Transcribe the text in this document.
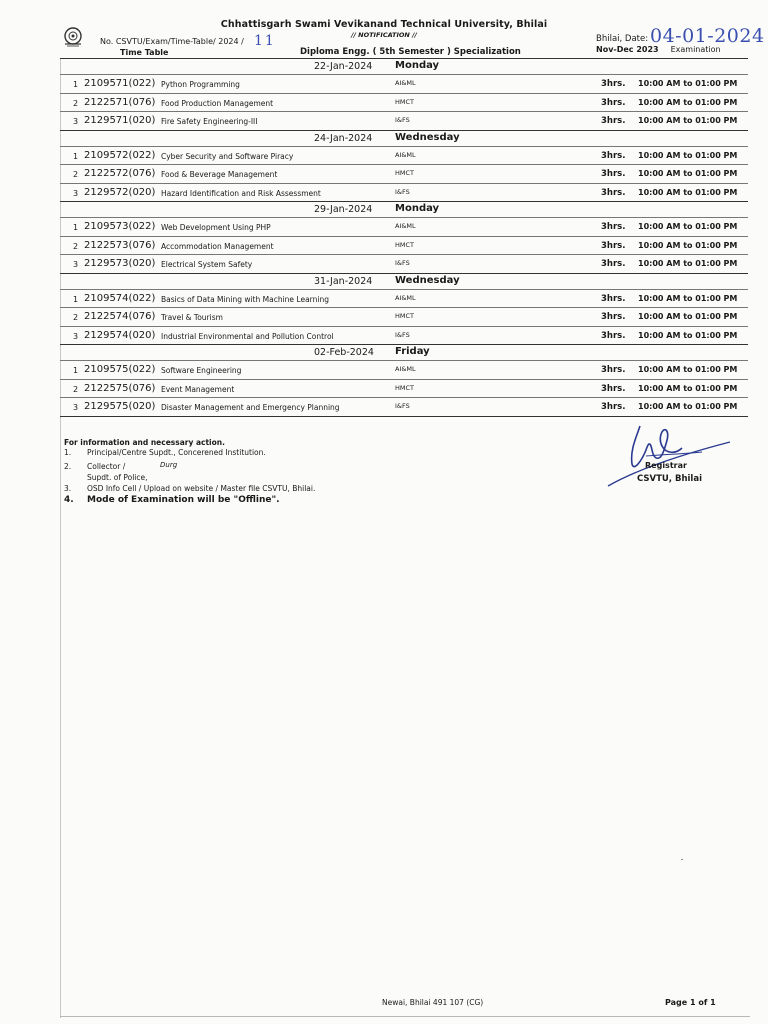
Chhattisgarh Swami Vevikanand Technical University, Bhilai
// NOTIFICATION //
No. CSVTU/Exam/Time-Table/ 2024 / 11
Time Table	Diploma Engg. ( 5th Semester ) Specialization
Bhilai, Date: 04-01-2024
Nov-Dec 2023 Examination
22-Jan-2024 Monday
1 2109571(022) Python Programming	AI&ML	3hrs. 10:00 AM to 01:00 PM
2 2122571(076) Food Production Management	HMCT	3hrs. 10:00 AM to 01:00 PM
3 2129571(020) Fire Safety Engineering-III	I&FS	3hrs. 10:00 AM to 01:00 PM
24-Jan-2024 Wednesday
1 2109572(022) Cyber Security and Software Piracy	AI&ML	3hrs. 10:00 AM to 01:00 PM
2 2122572(076) Food & Beverage Management	HMCT	3hrs. 10:00 AM to 01:00 PM
3 2129572(020) Hazard Identification and Risk Assessment	I&FS	3hrs. 10:00 AM to 01:00 PM
29-Jan-2024 Monday
1 2109573(022) Web Development Using PHP	AI&ML	3hrs. 10:00 AM to 01:00 PM
2 2122573(076) Accommodation Management	HMCT	3hrs. 10:00 AM to 01:00 PM
3 2129573(020) Electrical System Safety	I&FS	3hrs. 10:00 AM to 01:00 PM
31-Jan-2024 Wednesday
1 2109574(022) Basics of Data Mining with Machine Learning	AI&ML	3hrs. 10:00 AM to 01:00 PM
2 2122574(076) Travel & Tourism	HMCT	3hrs. 10:00 AM to 01:00 PM
3 2129574(020) Industrial Environmental and Pollution Control	I&FS	3hrs. 10:00 AM to 01:00 PM
02-Feb-2024 Friday
1 2109575(022) Software Engineering	AI&ML	3hrs. 10:00 AM to 01:00 PM
2 2122575(076) Event Management	HMCT	3hrs. 10:00 AM to 01:00 PM
3 2129575(020) Disaster Management and Emergency Planning	I&FS	3hrs. 10:00 AM to 01:00 PM
For information and necessary action.
1. Principal/Centre Supdt., Concerened Institution.
2. Collector /	Durg
Supdt. of Police,
3. OSD Info Cell / Upload on website / Master file CSVTU, Bhilai.
4. Mode of Examination will be "Offline".
Registrar
CSVTU, Bhilai
Newai, Bhilai 491 107 (CG)	Page 1 of 1
